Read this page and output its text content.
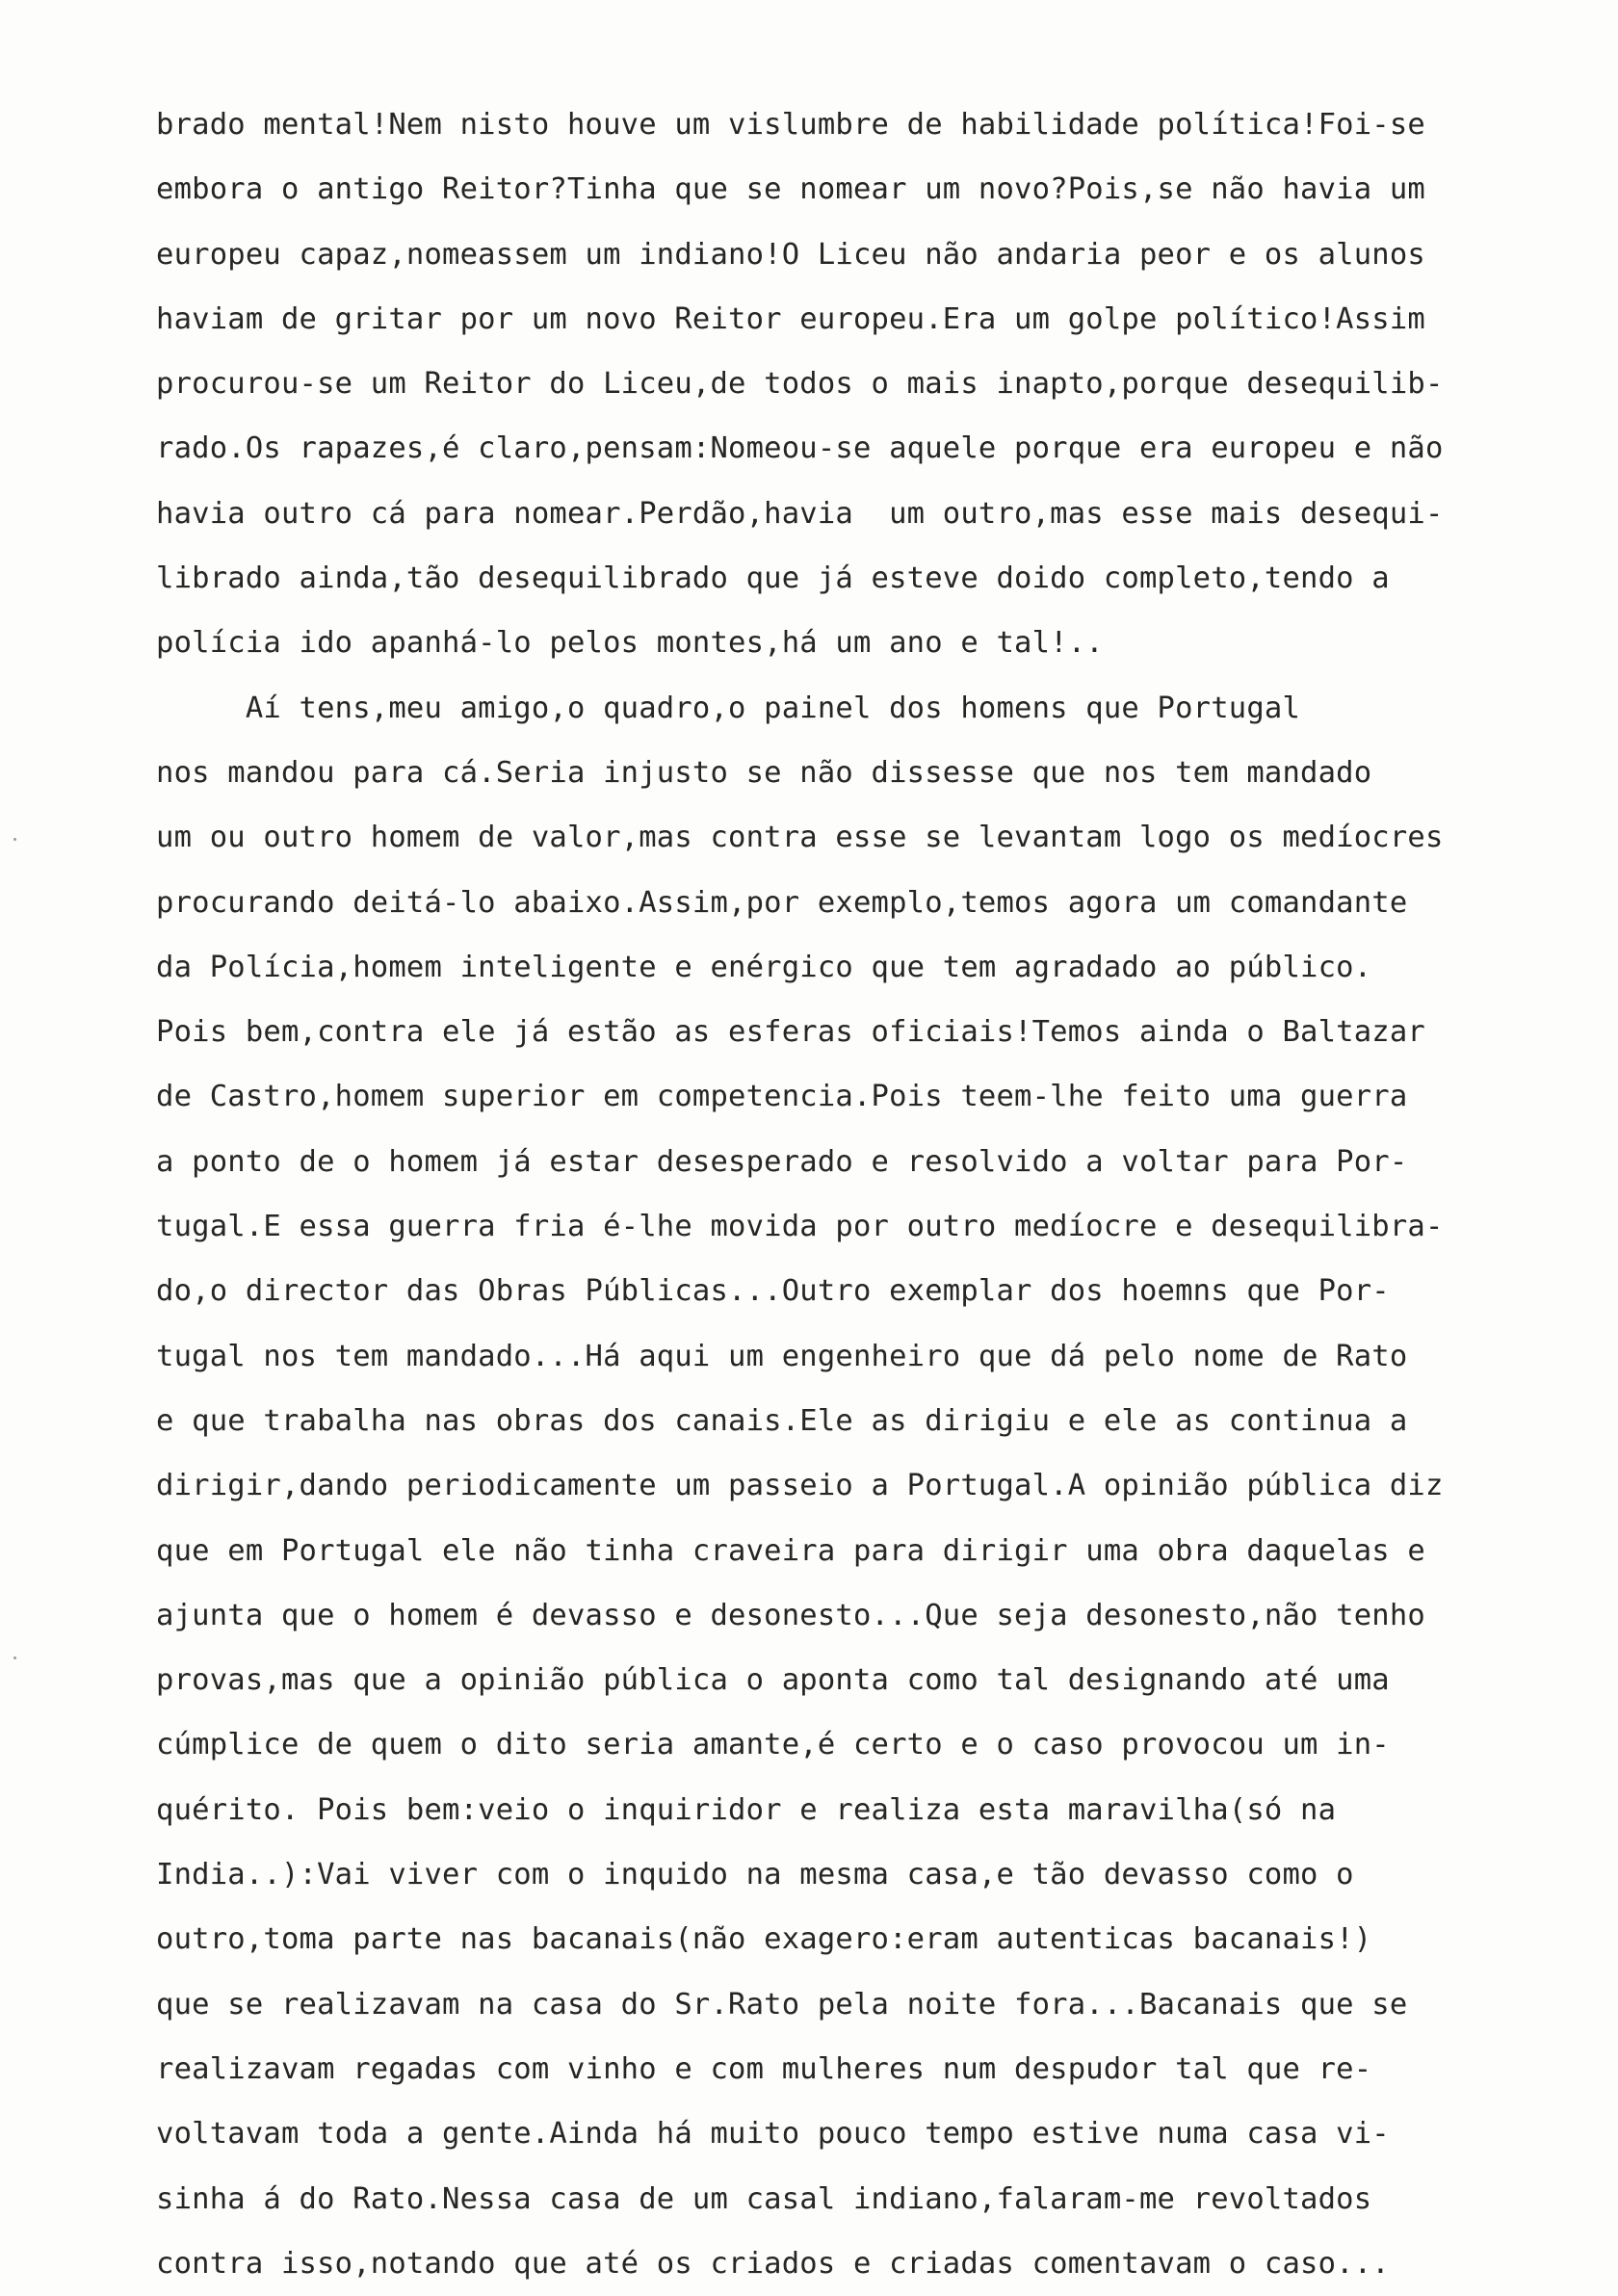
brado mental!Nem nisto houve um vislumbre de habilidade política!Foi-se
embora o antigo Reitor?Tinha que se nomear um novo?Pois,se não havia um
europeu capaz,nomeassem um indiano!O Liceu não andaria peor e os alunos
haviam de gritar por um novo Reitor europeu.Era um golpe político!Assim
procurou-se um Reitor do Liceu,de todos o mais inapto,porque desequilib-
rado.Os rapazes,é claro,pensam:Nomeou-se aquele porque era europeu e não
havia outro cá para nomear.Perdão,havia  um outro,mas esse mais desequi-
librado ainda,tão desequilibrado que já esteve doido completo,tendo a
polícia ido apanhá-lo pelos montes,há um ano e tal!..
Aí tens,meu amigo,o quadro,o painel dos homens que Portugal
nos mandou para cá.Seria injusto se não dissesse que nos tem mandado
um ou outro homem de valor,mas contra esse se levantam logo os medíocres
procurando deitá-lo abaixo.Assim,por exemplo,temos agora um comandante
da Polícia,homem inteligente e enérgico que tem agradado ao público.
Pois bem,contra ele já estão as esferas oficiais!Temos ainda o Baltazar
de Castro,homem superior em competencia.Pois teem-lhe feito uma guerra
a ponto de o homem já estar desesperado e resolvido a voltar para Por-
tugal.E essa guerra fria é-lhe movida por outro medíocre e desequilibra-
do,o director das Obras Públicas...Outro exemplar dos hoemns que Por-
tugal nos tem mandado...Há aqui um engenheiro que dá pelo nome de Rato
e que trabalha nas obras dos canais.Ele as dirigiu e ele as continua a
dirigir,dando periodicamente um passeio a Portugal.A opinião pública diz
que em Portugal ele não tinha craveira para dirigir uma obra daquelas e
ajunta que o homem é devasso e desonesto...Que seja desonesto,não tenho
provas,mas que a opinião pública o aponta como tal designando até uma
cúmplice de quem o dito seria amante,é certo e o caso provocou um in-
quérito. Pois bem:veio o inquiridor e realiza esta maravilha(só na
India..):Vai viver com o inquido na mesma casa,e tão devasso como o
outro,toma parte nas bacanais(não exagero:eram autenticas bacanais!)
que se realizavam na casa do Sr.Rato pela noite fora...Bacanais que se
realizavam regadas com vinho e com mulheres num despudor tal que re-
voltavam toda a gente.Ainda há muito pouco tempo estive numa casa vi-
sinha á do Rato.Nessa casa de um casal indiano,falaram-me revoltados
contra isso,notando que até os criados e criadas comentavam o caso...
